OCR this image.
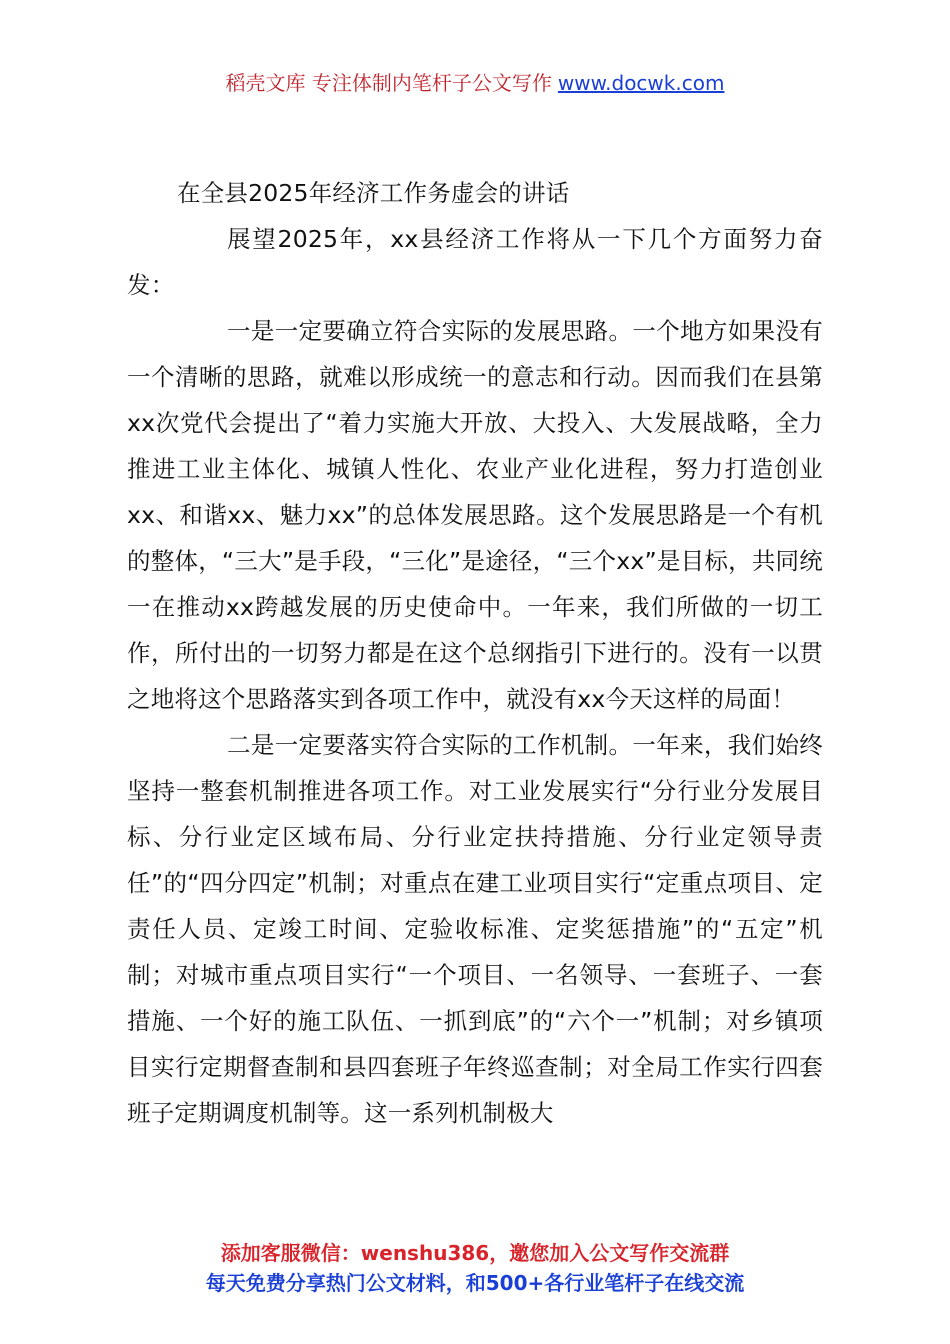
稻壳文库 专注体制内笔杆子公文写作 www.docwk.com
在全县2025年经济工作务虚会的讲话

展望2025年，xx县经济工作将从一下几个方面努力奋发：

一是一定要确立符合实际的发展思路。一个地方如果没有一个清晰的思路，就难以形成统一的意志和行动。因而我们在县第xx次党代会提出了“着力实施大开放、大投入、大发展战略，全力推进工业主体化、城镇人性化、农业产业化进程，努力打造创业xx、和谐xx、魅力xx”的总体发展思路。这个发展思路是一个有机的整体，“三大”是手段，“三化”是途径，“三个xx”是目标，共同统一在推动xx跨越发展的历史使命中。一年来，我们所做的一切工作，所付出的一切努力都是在这个总纲指引下进行的。没有一以贯之地将这个思路落实到各项工作中，就没有xx今天这样的局面！

二是一定要落实符合实际的工作机制。一年来，我们始终坚持一整套机制推进各项工作。对工业发展实行“分行业分发展目标、分行业定区域布局、分行业定扶持措施、分行业定领导责任”的“四分四定”机制；对重点在建工业项目实行“定重点项目、定责任人员、定竣工时间、定验收标准、定奖惩措施”的“五定”机制；对城市重点项目实行“一个项目、一名领导、一套班子、一套措施、一个好的施工队伍、一抓到底”的“六个一”机制；对乡镇项目实行定期督查制和县四套班子年终巡查制；对全局工作实行四套班子定期调度机制等。这一系列机制极大

添加客服微信：wenshu386，邀您加入公文写作交流群
每天免费分享热门公文材料，和500+各行业笔杆子在线交流
